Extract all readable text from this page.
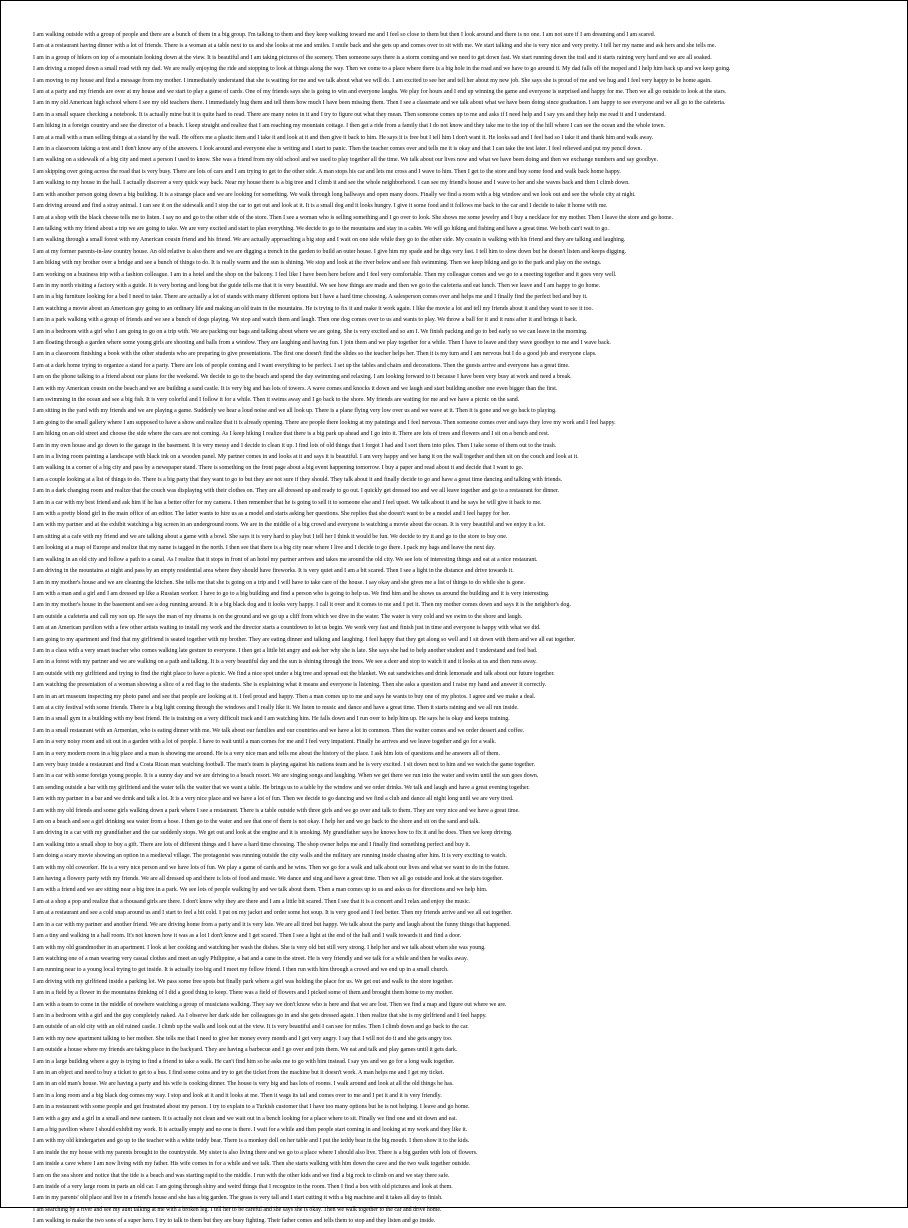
I am walking outside with a group of people and there are a bunch of them in a big group. I'm talking to them and they keep walking toward me and I feel so close to them but then I look around and there is no one. I am not sure if I am dreaming and I am scared.
I am at a restaurant having dinner with a lot of friends. There is a woman at a table next to us and she looks at me and smiles. I smile back and she gets up and comes over to sit with me. We start talking and she is very nice and very pretty. I tell her my name and ask hers and she tells me.
I am in a group of hikers on top of a mountain looking down at the view. It is beautiful and I am taking pictures of the scenery. Then someone says there is a storm coming and we need to get down fast. We start running down the trail and it starts raining very hard and we are all soaked.
I am driving a moped down a small road with my dad. We are really enjoying the ride and stopping to look at things along the way. Then we come to a place where there is a big hole in the road and we have to go around it. My dad falls off the moped and I help him back up and we keep going.
I am moving to my house and find a message from my mother. I immediately understand that she is waiting for me and we talk about what we will do. I am excited to see her and tell her about my new job. She says she is proud of me and we hug and I feel very happy to be home again.
I am at a party and my friends are over at my house and we start to play a game of cards. One of my friends says she is going to win and everyone laughs. We play for hours and I end up winning the game and everyone is surprised and happy for me. Then we all go outside to look at the stars.
I am in my old American high school where I see my old teachers there. I immediately hug them and tell them how much I have been missing them. Then I see a classmate and we talk about what we have been doing since graduation. I am happy to see everyone and we all go to the cafeteria.
I am in a small square checking a notebook. It is actually mine but it is quite hard to read. There are many notes in it and I try to figure out what they mean. Then someone comes up to me and asks if I need help and I say yes and they help me read it and I understand.
I am hiking in a foreign country and see the director of a beach. I keep straight and realize that I am reaching my mountain cottage. I then get a ride from a family that I do not know and they take me to the top of the hill where I can see the ocean and the whole town.
I am at a mall with a man selling things at a stand by the wall. He offers me a plastic item and I take it and look at it and then give it back to him. He says it is free but I tell him I don't want it. He looks sad and I feel bad so I take it and thank him and walk away.
I am in a classroom taking a test and I don't know any of the answers. I look around and everyone else is writing and I start to panic. Then the teacher comes over and tells me it is okay and that I can take the test later. I feel relieved and put my pencil down.
I am walking on a sidewalk of a big city and meet a person I used to know. She was a friend from my old school and we used to play together all the time. We talk about our lives now and what we have been doing and then we exchange numbers and say goodbye.
I am skipping over going across the road that is very busy. There are lots of cars and I am trying to get to the other side. A man stops his car and lets me cross and I wave to him. Then I get to the store and buy some food and walk back home happy.
I am walking to my house in the hall. I actually discover a very quick way back. Near my house there is a big tree and I climb it and see the whole neighborhood. I can see my friend's house and I wave to her and she waves back and then I climb down.
I am with another person going down a big building. It is a strange place and we are looking for something. We walk through long hallways and open many doors. Finally we find a room with a big window and we look out and see the whole city at night.
I am driving around and find a stray animal. I can see it on the sidewalk and I stop the car to get out and look at it. It is a small dog and it looks hungry. I give it some food and it follows me back to the car and I decide to take it home with me.
I am at a shop with the black cheese tells me to listen. I say no and go to the other side of the store. Then I see a woman who is selling something and I go over to look. She shows me some jewelry and I buy a necklace for my mother. Then I leave the store and go home.
I am talking with my friend about a trip we are going to take. We are very excited and start to plan everything. We decide to go to the mountains and stay in a cabin. We will go hiking and fishing and have a great time. We both can't wait to go.
I am walking through a small forest with my American cousin friend and his friend. We are actually approaching a big stop and I wait on one side while they go to the other side. My cousin is walking with his friend and they are talking and laughing.
I am at my former parents-in-law country house. An old relative is also there and we are digging a trench in the garden to build an outer house. I give him my spade and he digs very fast. I tell him to slow down but he doesn't listen and keeps digging.
I am biking with my brother over a bridge and see a bunch of things to do. It is really warm and the sun is shining. We stop and look at the river below and see fish swimming. Then we keep biking and go to the park and play on the swings.
I am working on a business trip with a fashion colleague. I am in a hotel and the shop on the balcony. I feel like I have been here before and I feel very comfortable. Then my colleague comes and we go to a meeting together and it goes very well.
I am in my north visiting a factory with a guide. It is very boring and long but the guide tells me that it is very beautiful. We see how things are made and then we go to the cafeteria and eat lunch. Then we leave and I am happy to go home.
I am in a big furniture looking for a bed I need to take. There are actually a lot of stands with many different options but I have a hard time choosing. A salesperson comes over and helps me and I finally find the perfect bed and buy it.
I am watching a movie about an American guy going to an ordinary life and making an old train in the mountains. He is trying to fix it and make it work again. I like the movie a lot and tell my friends about it and they want to see it too.
I am in a park walking with a group of friends and we see a bunch of dogs playing. We stop and watch them and laugh. Then one dog comes over to us and wants to play. We throw a ball for it and it runs after it and brings it back.
I am in a bedroom with a girl who I am going to go on a trip with. We are packing our bags and talking about where we are going. She is very excited and so am I. We finish packing and go to bed early so we can leave in the morning.
I am floating through a garden where some young girls are shooting and balls from a window. They are laughing and having fun. I join them and we play together for a while. Then I have to leave and they wave goodbye to me and I wave back.
I am in a classroom finishing a book with the other students who are preparing to give presentations. The first one doesn't find the slides so the teacher helps her. Then it is my turn and I am nervous but I do a good job and everyone claps.
I am at a dark home trying to organize a stand for a party. There are lots of people coming and I want everything to be perfect. I set up the tables and chairs and decorations. Then the guests arrive and everyone has a great time.
I am on the phone talking to a friend about our plans for the weekend. We decide to go to the beach and spend the day swimming and relaxing. I am looking forward to it because I have been very busy at work and need a break.
I am with my American cousin on the beach and we are building a sand castle. It is very big and has lots of towers. A wave comes and knocks it down and we laugh and start building another one even bigger than the first.
I am swimming in the ocean and see a big fish. It is very colorful and I follow it for a while. Then it swims away and I go back to the shore. My friends are waiting for me and we have a picnic on the sand.
I am sitting in the yard with my friends and we are playing a game. Suddenly we hear a loud noise and we all look up. There is a plane flying very low over us and we wave at it. Then it is gone and we go back to playing.
I am going to the small gallery where I am supposed to have a show and realize that it is already opening. There are people there looking at my paintings and I feel nervous. Then someone comes over and says they love my work and I feel happy.
I am hiking on an old street and choose the side where the cars are not coming. As I keep hiking I realize that there is a big park up ahead and I go into it. There are lots of trees and flowers and I sit on a bench and rest.
I am in my own house and go down to the garage in the basement. It is very messy and I decide to clean it up. I find lots of old things that I forgot I had and I sort them into piles. Then I take some of them out to the trash.
I am in a living room painting a landscape with black ink on a wooden panel. My partner comes in and looks at it and says it is beautiful. I am very happy and we hang it on the wall together and then sit on the couch and look at it.
I am walking in a corner of a big city and pass by a newspaper stand. There is something on the front page about a big event happening tomorrow. I buy a paper and read about it and decide that I want to go.
I am a couple looking at a list of things to do. There is a big party that they want to go to but they are not sure if they should. They talk about it and finally decide to go and have a great time dancing and talking with friends.
I am in a dark changing room and realize that the couch was displaying with their clothes on. They are all dressed up and ready to go out. I quickly get dressed too and we all leave together and go to a restaurant for dinner.
I am in a car with my best friend and ask him if he has a better offer for my camera. I then remember that he is going to sell it to someone else and I feel upset. We talk about it and he says he will give it back to me.
I am with a pretty blond girl in the main office of an editor. The latter wants to hire us as a model and starts asking her questions. She replies that she doesn't want to be a model and I feel happy for her.
I am with my partner and at the exhibit watching a big screen in an underground room. We are in the middle of a big crowd and everyone is watching a movie about the ocean. It is very beautiful and we enjoy it a lot.
I am sitting at a cafe with my friend and we are talking about a game with a bowl. She says it is very hard to play but I tell her I think it would be fun. We decide to try it and go to the store to buy one.
I am looking at a map of Europe and realize that my name is tagged in the north. I then see that there is a big city near where I live and I decide to go there. I pack my bags and leave the next day.
I am walking in an old city and follow a path to a canal. As I realize that it stops in front of an hotel my partner arrives and takes me around the old city. We see lots of interesting things and eat at a nice restaurant.
I am driving in the mountains at night and pass by an empty residential area where they should have fireworks. It is very quiet and I am a bit scared. Then I see a light in the distance and drive towards it.
I am in my mother's house and we are cleaning the kitchen. She tells me that she is going on a trip and I will have to take care of the house. I say okay and she gives me a list of things to do while she is gone.
I am with a man and a girl and I am dressed up like a Russian worker. I have to go to a big building and find a person who is going to help us. We find him and he shows us around the building and it is very interesting.
I am in my mother's house in the basement and see a dog running around. It is a big black dog and it looks very happy. I call it over and it comes to me and I pet it. Then my mother comes down and says it is the neighbor's dog.
I am outside a cafeteria and call my son up. He says the man of my dreams is on the ground and we go up a cliff from which we dive in the water. The water is very cold and we swim to the shore and laugh.
I am at an American pavilion with a few other artists waiting to install my work and the director starts a countdown to let us begin. We work very fast and finish just in time and everyone is happy with what we did.
I am going to my apartment and find that my girlfriend is seated together with my brother. They are eating dinner and talking and laughing. I feel happy that they get along so well and I sit down with them and we all eat together.
I am in a class with a very smart teacher who comes walking late gesture to everyone. I then get a little bit angry and ask her why she is late. She says she had to help another student and I understand and feel bad.
I am in a forest with my partner and we are walking on a path and talking. It is a very beautiful day and the sun is shining through the trees. We see a deer and stop to watch it and it looks at us and then runs away.
I am outside with my girlfriend and trying to find the right place to have a picnic. We find a nice spot under a big tree and spread out the blanket. We eat sandwiches and drink lemonade and talk about our future together.
I am watching the presentation of a woman showing a slice of a red flag to the students. She is explaining what it means and everyone is listening. Then she asks a question and I raise my hand and answer it correctly.
I am in an art museum inspecting my photo panel and see that people are looking at it. I feel proud and happy. Then a man comes up to me and says he wants to buy one of my photos. I agree and we make a deal.
I am at a city festival with some friends. There is a big light coming through the windows and I really like it. We listen to music and dance and have a great time. Then it starts raining and we all run inside.
I am in a small gym in a building with my best friend. He is training on a very difficult track and I am watching him. He falls down and I run over to help him up. He says he is okay and keeps training.
I am in a small restaurant with an Armenian, who is eating dinner with me. We talk about our families and our countries and we have a lot in common. Then the waiter comes and we order dessert and coffee.
I am in a very noisy room and sit out in a garden with a lot of people. I have to wait until a man comes for me and I feel very impatient. Finally he arrives and we leave together and go for a walk.
I am in a very modern room in a big place and a man is showing me around. He is a very nice man and tells me about the history of the place. I ask him lots of questions and he answers all of them.
I am very busy inside a restaurant and find a Costa Rican man watching football. The man's team is playing against his nations team and he is very excited. I sit down next to him and we watch the game together.
I am in a car with some foreign young people. It is a sunny day and we are driving to a beach resort. We are singing songs and laughing. When we get there we run into the water and swim until the sun goes down.
I am sending outside a bar with my girlfriend and the water tells the waiter that we want a table. He brings us to a table by the window and we order drinks. We talk and laugh and have a great evening together.
I am with my partner in a bar and we drink and talk a lot. It is a very nice place and we have a lot of fun. Then we decide to go dancing and we find a club and dance all night long until we are very tired.
I am with my old friends and some girls walking down a park where I see a restaurant. There is a table outside with three girls and we go over and talk to them. They are very nice and we have a great time.
I am on a beach and see a girl drinking sea water from a hose. I then go to the water and see that one of them is not okay. I help her and we go back to the shore and sit on the sand and talk.
I am driving in a car with my grandfather and the car suddenly stops. We get out and look at the engine and it is smoking. My grandfather says he knows how to fix it and he does. Then we keep driving.
I am walking into a small shop to buy a gift. There are lots of different things and I have a hard time choosing. The shop owner helps me and I finally find something perfect and buy it.
I am doing a scary movie showing an option in a medieval village. The protagonist was running outside the city walls and the military are running inside chasing after him. It is very exciting to watch.
I am with my old coworker. He is a very nice person and we have lots of fun. We play a game of cards and he wins. Then we go for a walk and talk about our lives and what we want to do in the future.
I am having a flowery party with my friends. We are all dressed up and there is lots of food and music. We dance and sing and have a great time. Then we all go outside and look at the stars together.
I am with a friend and we are sitting near a big tree in a park. We see lots of people walking by and we talk about them. Then a man comes up to us and asks us for directions and we help him.
I am at a shop a pop and realize that a thousand girls are there. I don't know why they are there and I am a little bit scared. Then I see that it is a concert and I relax and enjoy the music.
I am at a restaurant and see a cold snap around us and I start to feel a bit cold. I put on my jacket and order some hot soup. It is very good and I feel better. Then my friends arrive and we all eat together.
I am in a car with my partner and another friend. We are driving home from a party and it is very late. We are all tired but happy. We talk about the party and laugh about the funny things that happened.
I am a tiny and walking in a hall room. It's not known how it was as a lot I don't know and I get scared. Then I see a light at the end of the hall and I walk towards it and find a door.
I am with my old grandmother in an apartment. I look at her cooking and watching her wash the dishes. She is very old but still very strong. I help her and we talk about when she was young.
I am watching one of a man wearing very casual clothes and meet an ugly Philippine, a hat and a cane in the street. He is very friendly and we talk for a while and then he walks away.
I am running near to a young local trying to get inside. It is actually too big and I meet my fellow friend. I then run with him through a crowd and we end up in a small church.
I am driving with my girlfriend inside a parking lot. We pass some free spots but finally park where a girl was holding the place for us. We get out and walk to the store together.
I am in a field by a flower in the mountains thinking of I did a good thing to keep. There was a field of flowers and I picked some of them and brought them home to my mother.
I am with a team to come in the middle of nowhere watching a group of musicians walking. They say we don't know who is here and that we are lost. Then we find a map and figure out where we are.
I am in a bedroom with a girl and the guy completely naked. As I observe her dark side her colleagues go in and she gets dressed again. I then realize that she is my girlfriend and I feel happy.
I am outside of an old city with an old ruined castle. I climb up the walls and look out at the view. It is very beautiful and I can see for miles. Then I climb down and go back to the car.
I am with my new apartment talking to her mother. She tells me that I need to give her money every month and I get very angry. I say that I will not do it and she gets angry too.
I am outside a house where my friends are taking place in the backyard. They are having a barbecue and I go over and join them. We eat and talk and play games until it gets dark.
I am in a large building where a guy is trying to find a friend to take a walk. He can't find him so he asks me to go with him instead. I say yes and we go for a long walk together.
I am in an object and need to buy a ticket to get to a bus. I find some coins and try to get the ticket from the machine but it doesn't work. A man helps me and I get my ticket.
I am in an old man's house. We are having a party and his wife is cooking dinner. The house is very big and has lots of rooms. I walk around and look at all the old things he has.
I am in a long room and a big black dog comes my way. I stop and look at it and it looks at me. Then it wags its tail and comes over to me and I pet it and it is very friendly.
I am in a restaurant with some people and get frustrated about my person. I try to explain to a Turkish customer that I have too many options but he is not helping. I leave and go home.
I am with a guy and a girl in a small and new canteen. It is actually not clean and we wait out in a bench looking for a place where to sit. Finally we find one and sit down and eat.
I am a big pavilion where I should exhibit my work. It is actually empty and no one is there. I wait for a while and then people start coming in and looking at my work and they like it.
I am with my old kindergarten and go up to the teacher with a white teddy bear. There is a monkey doll on her table and I put the teddy bear in the big mouth. I then show it to the kids.
I am inside the my house with my parents brought to the countryside. My sister is also living there and we go to a place where I should also live. There is a big garden with lots of flowers.
I am inside a cave where I am now living with my father. His wife comes in for a while and we talk. Then she starts walking with him down the cave and the two walk together outside.
I am on the sea shore and notice that the tide is a beach and was starting rapid to the middle. I run with the other kids and we find a big rock to climb on and we stay there safe.
I am inside of a very large room in parts an old car. I am going through shiny and weird things that I recognize in the room. Then I find a box with old pictures and look at them.
I am in my parents' old place and live in a friend's house and she has a big garden. The grass is very tall and I start cutting it with a big machine and it takes all day to finish.
I am searching by a river and see my aunt talking at me with a broken leg. I tell her to be careful and she says she is okay. Then we walk together to the car and drive home.
I am walking to make the two sons of a super hero. I try to talk to them but they are busy fighting. Their father comes and tells them to stop and they listen and go inside.
